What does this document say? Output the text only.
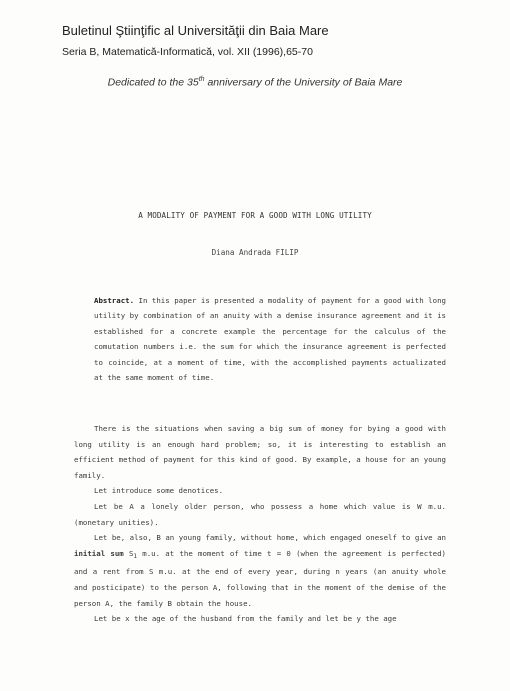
Buletinul Ştiinţific al Universităţii din Baia Mare
Seria B, Matematică-Informatică, vol. XII (1996),65-70
Dedicated to the 35th anniversary of the University of Baia Mare
A MODALITY OF PAYMENT FOR A GOOD WITH LONG UTILITY
Diana Andrada FILIP
Abstract. In this paper is presented a modality of payment for a good with long utility by combination of an anuity with a demise insurance agreement and it is established for a concrete example the percentage for the calculus of the comutation numbers i.e. the sum for which the insurance agreement is perfected to coincide, at a moment of time, with the accomplished payments actualizated at the same moment of time.

There is the situations when saving a big sum of money for bying a good with long utility is an enough hard problem; so, it is interesting to establish an efficient method of payment for this kind of good. By example, a house for an young family.

Let introduce some denotices.

Let be A a lonely older person, who possess a home which value is W m.u. (monetary unities).

Let be, also, B an young family, without home, which engaged oneself to give an initial sum $S_1$ m.u. at the moment of time t = 0 (when the agreement is perfected) and a rent from S m.u. at the end of every year, during n years (an anuity whole and posticipate) to the person A, following that in the moment of the demise of the person A, the family B obtain the house.

Let be x the age of the husband from the family and let be y the age
